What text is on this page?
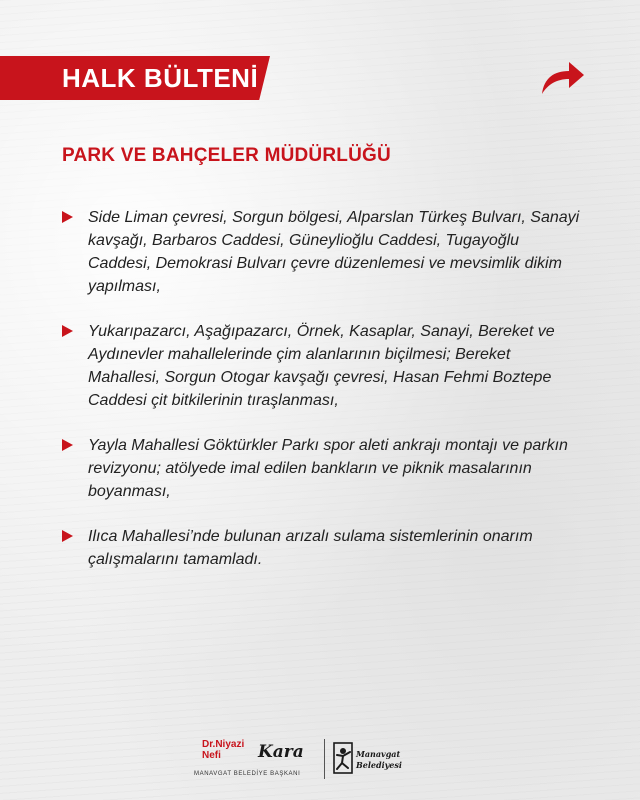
HALK BÜLTENİ
PARK VE BAHÇELER MÜDÜRLÜĞÜ
Side Liman çevresi, Sorgun bölgesi, Alparslan Türkeş Bulvarı, Sanayi kavşağı, Barbaros Caddesi, Güneylioğlu Caddesi, Tugayoğlu Caddesi, Demokrasi Bulvarı çevre düzenlemesi ve mevsimlik dikim yapılması,
Yukarıpazarcı, Aşağıpazarcı, Örnek, Kasaplar, Sanayi, Bereket ve Aydınevler mahallelerinde çim alanlarının biçilmesi; Bereket Mahallesi, Sorgun Otogar kavşağı çevresi, Hasan Fehmi Boztepe Caddesi çit bitkilerinin tıraşlanması,
Yayla Mahallesi Göktürkler Parkı spor aleti ankrajı montajı ve parkın revizyonu; atölyede imal edilen bankların ve piknik masalarının boyanması,
Ilıca Mahallesi’nde bulunan arızalı sulama sistemlerinin onarım çalışmalarını tamamladı.
Dr.Niyazi
Nefi	Kara
MANAVGAT BELEDİYE BAŞKANI
Manavgat
Belediyesi
